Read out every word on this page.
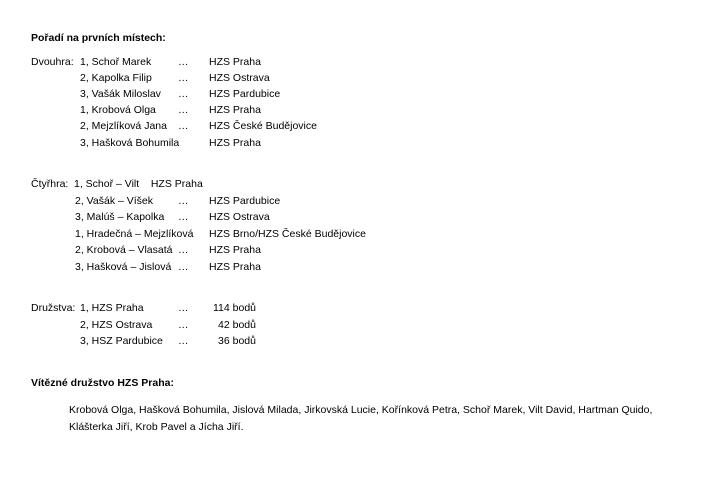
Pořadí na prvních místech:
Dvouhra: 1, Schoř Marek	… HZS Praha
2, Kapolka Filip … HZS Ostrava
3, Vašák Miloslav … HZS Pardubice
1, Krobová Olga … HZS Praha
2, Mejzlíková Jana … HZS České Budějovice
3, Hašková Bohumila	HZS Praha
Čtyřhra: 1, Schoř – Vilt    HZS Praha
2, Vašák – Víšek … HZS Pardubice
3, Malúš – Kapolka … HZS Ostrava
1, Hradečná – Mejzlíková HZS Brno/HZS České Budějovice
2, Krobová – Vlasatá … HZS Praha
3, Hašková – Jislová … HZS Praha
Družstva: 1, HZS Praha	…	114 bodů
2, HZS Ostrava …	42 bodů
3, HSZ Pardubice …	36 bodů
Vítězné družstvo HZS Praha:
Krobová Olga, Hašková Bohumila, Jislová Milada, Jirkovská Lucie, Kořínková Petra, Schoř Marek, Vilt David, Hartman Quido,
Klášterka Jiří, Krob Pavel a Jícha Jiří.
